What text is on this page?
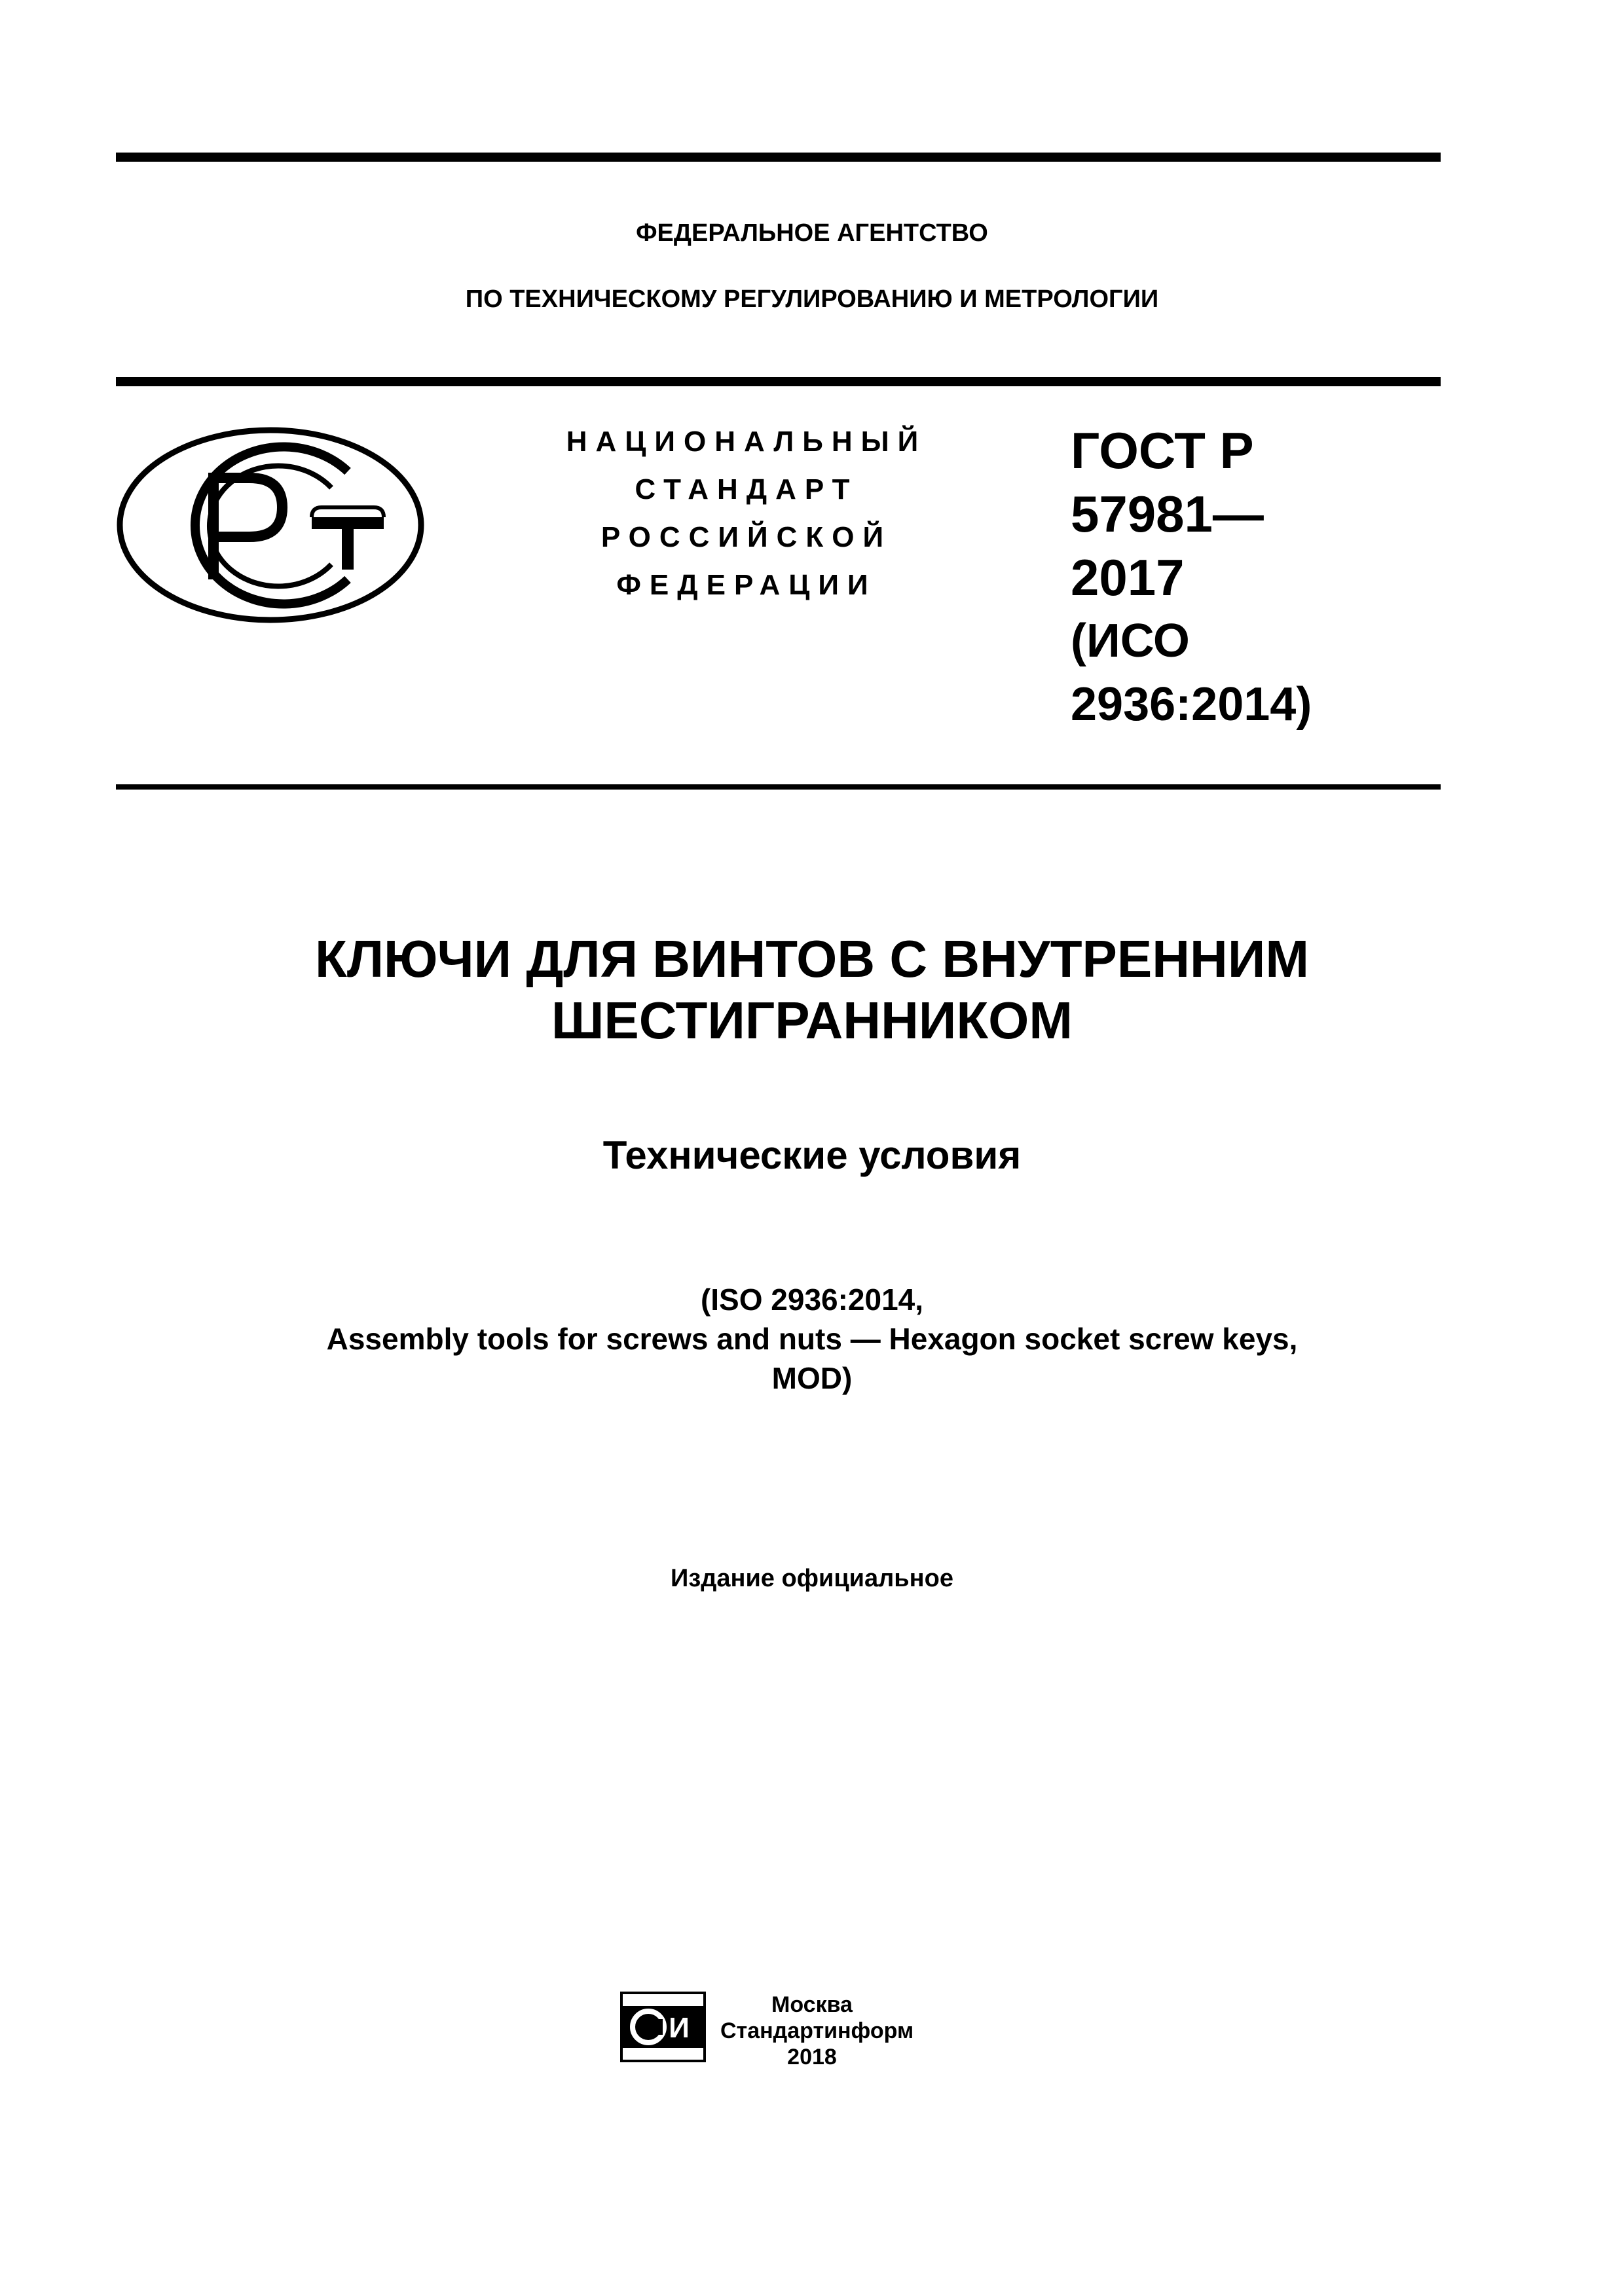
ФЕДЕРАЛЬНОЕ АГЕНТСТВО
ПО ТЕХНИЧЕСКОМУ РЕГУЛИРОВАНИЮ И МЕТРОЛОГИИ
НАЦИОНАЛЬНЫЙ
СТАНДАРТ
РОССИЙСКОЙ
ФЕДЕРАЦИИ
ГОСТ Р
57981—
2017
(ИСО 2936:2014)
КЛЮЧИ ДЛЯ ВИНТОВ С ВНУТРЕННИМ
ШЕСТИГРАННИКОМ
Технические условия
(ISO 2936:2014,
Assembly tools for screws and nuts — Hexagon socket screw keys,
MOD)
Издание официальное
И
Москва
Стандартинформ
2018
